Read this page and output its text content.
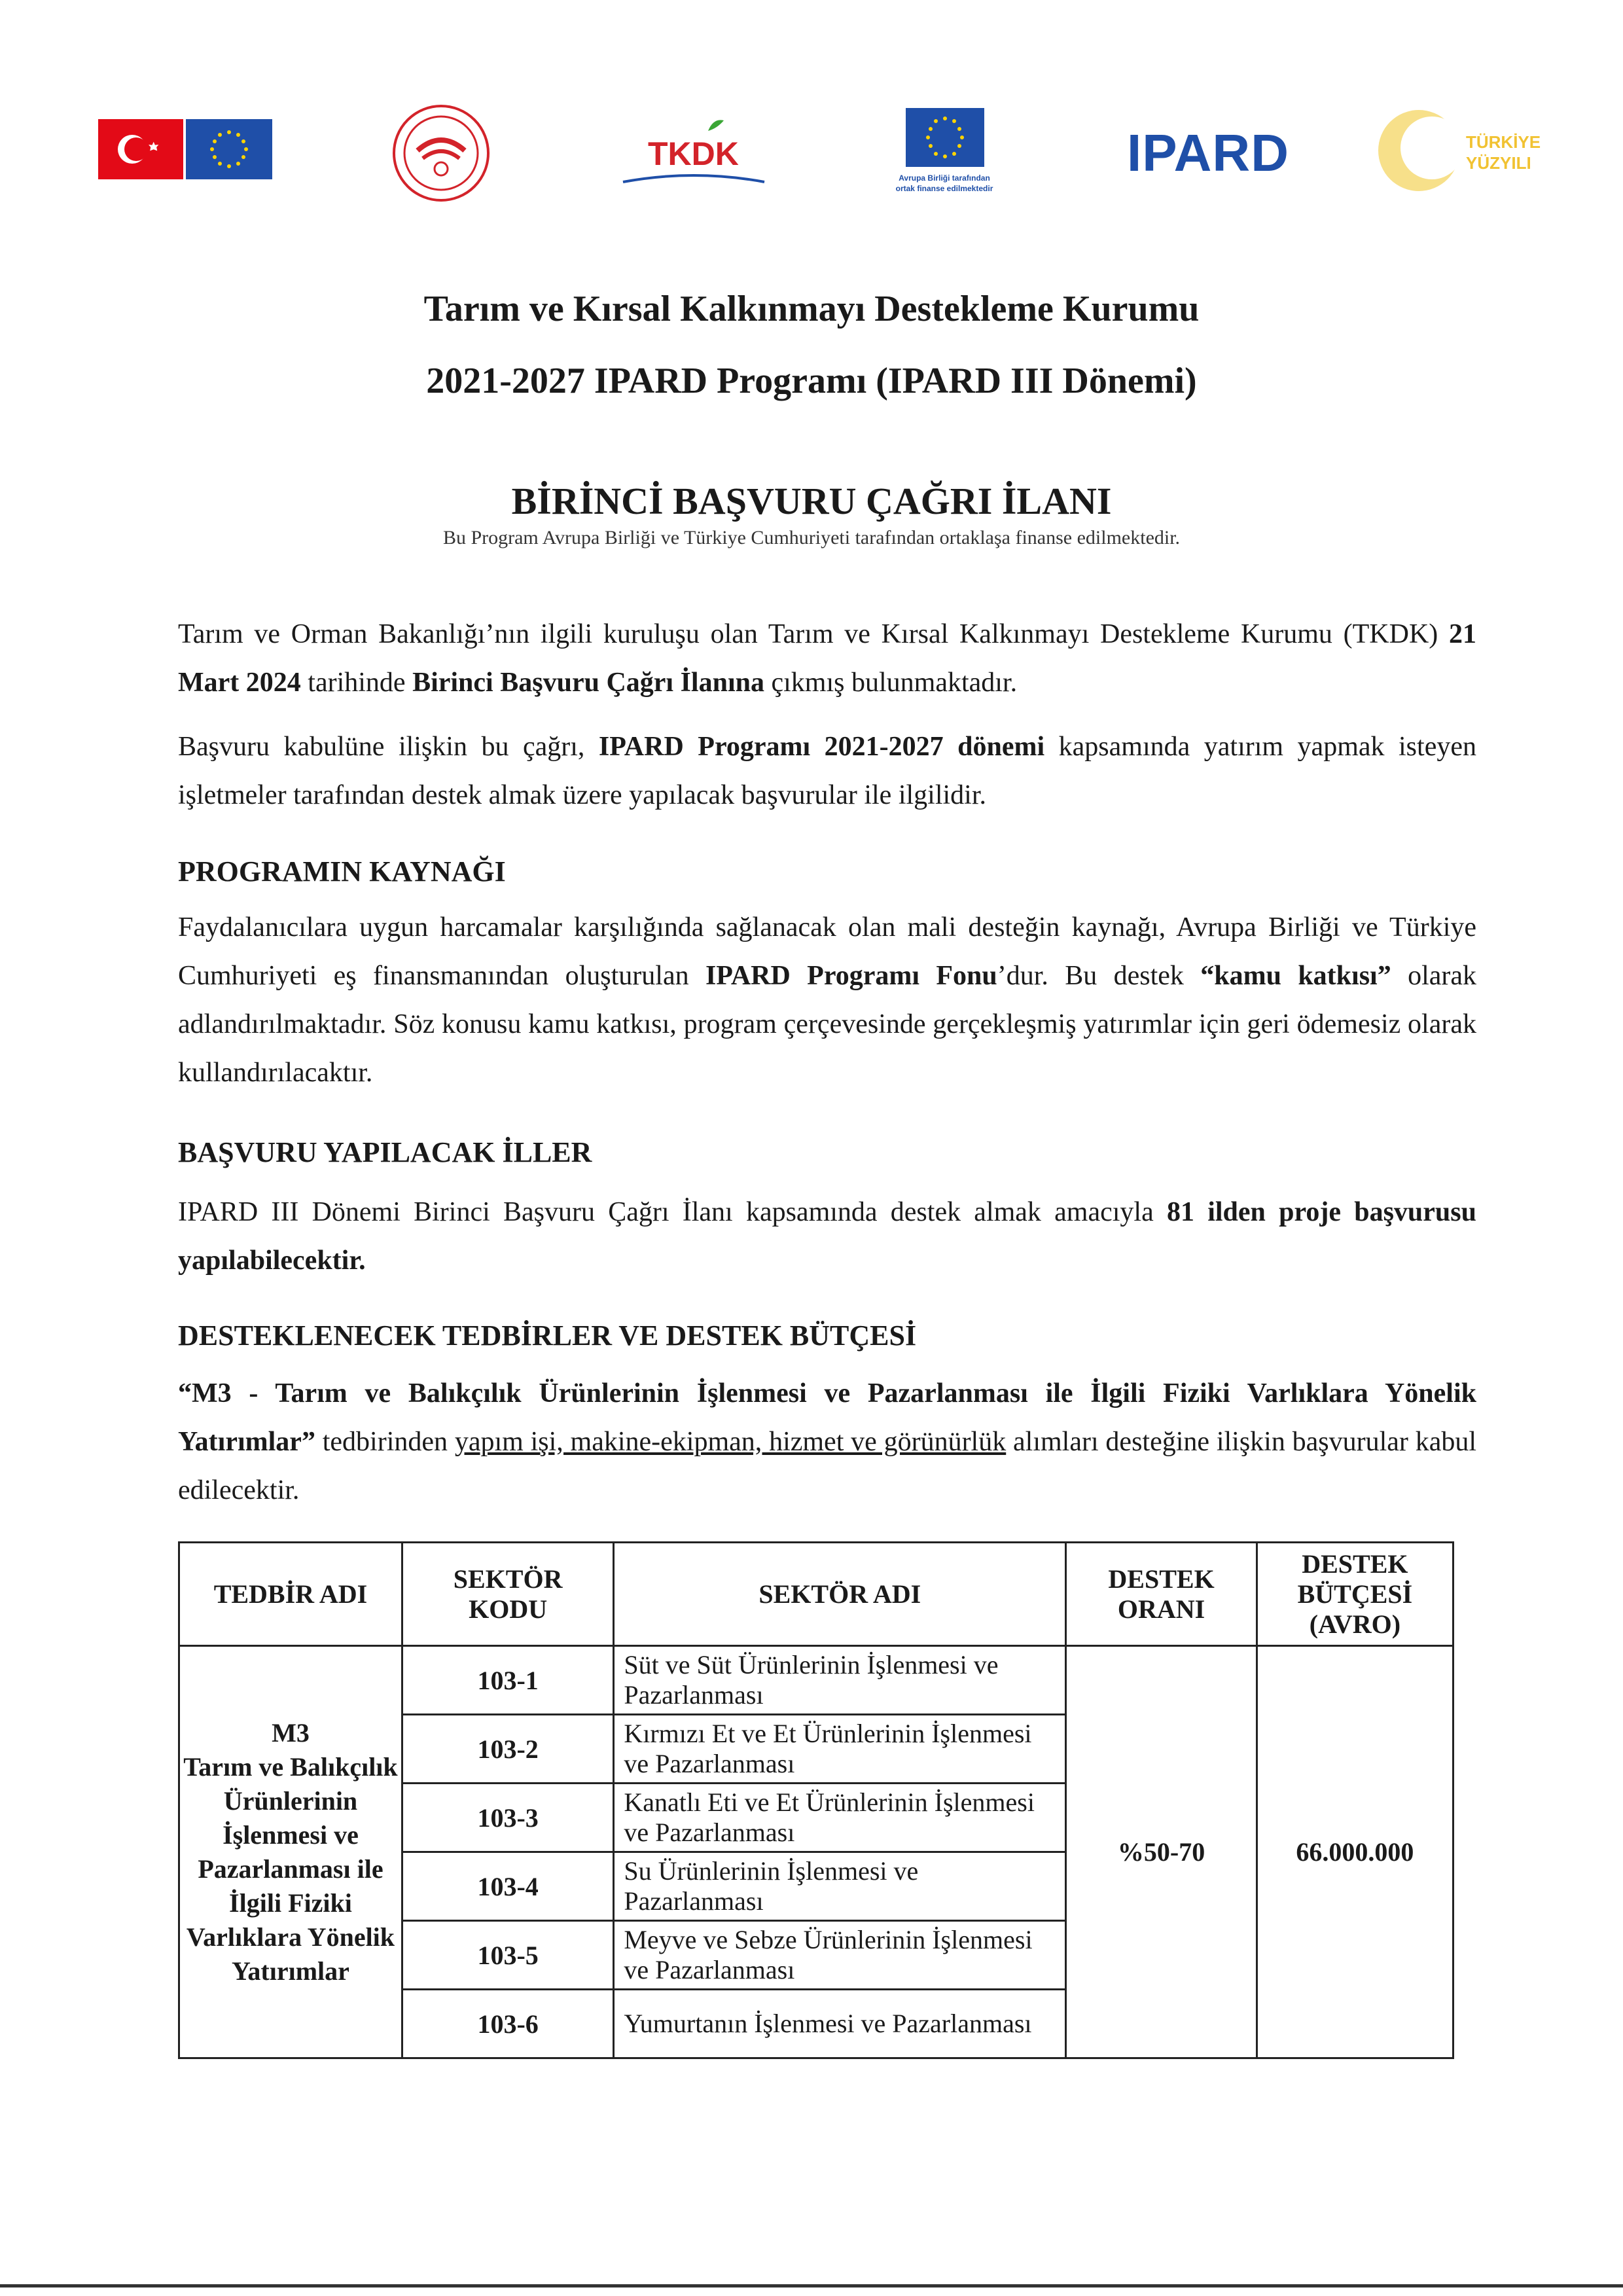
TKDK
Avrupa Birliği tarafından
ortak finanse edilmektedir
IPARD	TÜRKİYE
YÜZYILI
Tarım ve Kırsal Kalkınmayı Destekleme Kurumu
2021-2027 IPARD Programı (IPARD III Dönemi)
BİRİNCİ BAŞVURU ÇAĞRI İLANI
Bu Program Avrupa Birliği ve Türkiye Cumhuriyeti tarafından ortaklaşa finanse edilmektedir.
Tarım ve Orman Bakanlığı’nın ilgili kuruluşu olan Tarım ve Kırsal Kalkınmayı Destekleme Kurumu (TKDK) 21 Mart 2024 tarihinde Birinci Başvuru Çağrı İlanına çıkmış bulunmaktadır.
Başvuru kabulüne ilişkin bu çağrı, IPARD Programı 2021-2027 dönemi kapsamında yatırım yapmak isteyen işletmeler tarafından destek almak üzere yapılacak başvurular ile ilgilidir.
PROGRAMIN KAYNAĞI
Faydalanıcılara uygun harcamalar karşılığında sağlanacak olan mali desteğin kaynağı, Avrupa Birliği ve Türkiye Cumhuriyeti eş finansmanından oluşturulan IPARD Programı Fonu’dur. Bu destek “kamu katkısı” olarak adlandırılmaktadır. Söz konusu kamu katkısı, program çerçevesinde gerçekleşmiş yatırımlar için geri ödemesiz olarak kullandırılacaktır.
BAŞVURU YAPILACAK İLLER
IPARD III Dönemi Birinci Başvuru Çağrı İlanı kapsamında destek almak amacıyla 81 ilden proje başvurusu yapılabilecektir.
DESTEKLENECEK TEDBİRLER VE DESTEK BÜTÇESİ
“M3 - Tarım ve Balıkçılık Ürünlerinin İşlenmesi ve Pazarlanması ile İlgili Fiziki Varlıklara Yönelik Yatırımlar” tedbirinden yapım işi, makine-ekipman, hizmet ve görünürlük alımları desteğine ilişkin başvurular kabul edilecektir.
TEDBİR ADI	SEKTÖR KODU	SEKTÖR ADI	DESTEK ORANI	DESTEK BÜTÇESİ (AVRO)
M3
Tarım ve Balıkçılık Ürünlerinin İşlenmesi ve Pazarlanması ile İlgili Fiziki Varlıklara Yönelik Yatırımlar	103-1	Süt ve Süt Ürünlerinin İşlenmesi ve Pazarlanması	%50-70	66.000.000
	103-2	Kırmızı Et ve Et Ürünlerinin İşlenmesi ve Pazarlanması		
	103-3	Kanatlı Eti ve Et Ürünlerinin İşlenmesi ve Pazarlanması		
	103-4	Su Ürünlerinin İşlenmesi ve Pazarlanması		
	103-5	Meyve ve Sebze Ürünlerinin İşlenmesi ve Pazarlanması		
	103-6	Yumurtanın İşlenmesi ve Pazarlanması		
